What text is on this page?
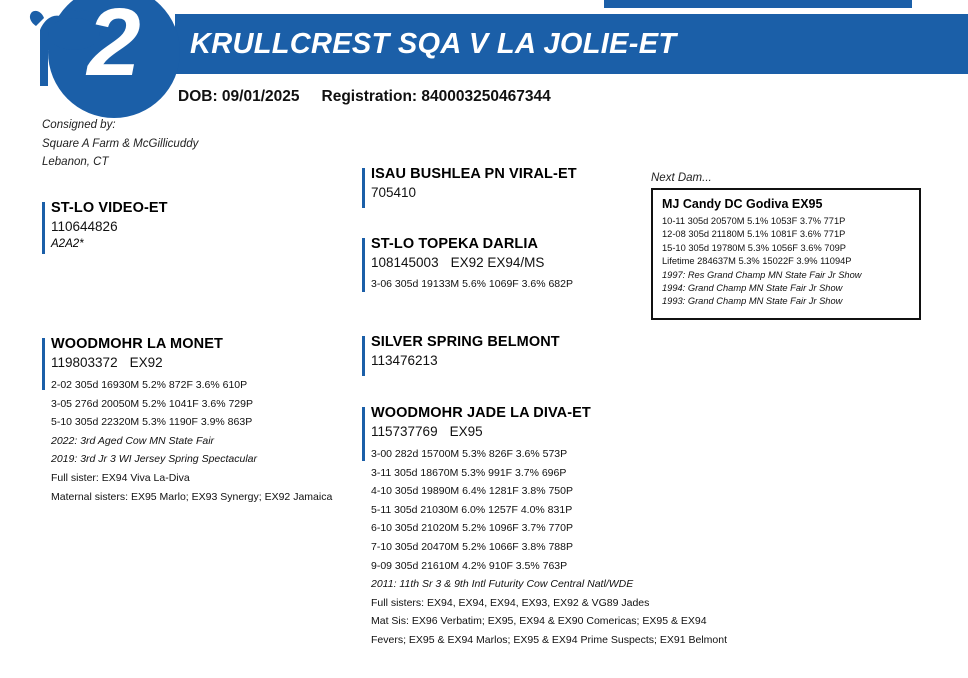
2	KRULLCREST SQA V LA JOLIE-ET
DOB: 09/01/2025 Registration: 840003250467344
Consigned by:
Square A Farm & McGillicuddy
Lebanon, CT
ST-LO VIDEO-ET
110644826
A2A2*
WOODMOHR LA MONET
119803372 EX92
2-02 305d 16930M 5.2% 872F 3.6% 610P
3-05 276d 20050M 5.2% 1041F 3.6% 729P
5-10 305d 22320M 5.3% 1190F 3.9% 863P
2022: 3rd Aged Cow MN State Fair
2019: 3rd Jr 3 WI Jersey Spring Spectacular
Full sister: EX94 Viva La-Diva
Maternal sisters: EX95 Marlo; EX93 Synergy; EX92 Jamaica
ISAU BUSHLEA PN VIRAL-ET
705410
ST-LO TOPEKA DARLIA
108145003 EX92 EX94/MS
3-06 305d 19133M 5.6% 1069F 3.6% 682P
SILVER SPRING BELMONT
113476213
WOODMOHR JADE LA DIVA-ET
115737769 EX95
3-00 282d 15700M 5.3% 826F 3.6% 573P
3-11 305d 18670M 5.3% 991F 3.7% 696P
4-10 305d 19890M 6.4% 1281F 3.8% 750P
5-11 305d 21030M 6.0% 1257F 4.0% 831P
6-10 305d 21020M 5.2% 1096F 3.7% 770P
7-10 305d 20470M 5.2% 1066F 3.8% 788P
9-09 305d 21610M 4.2% 910F 3.5% 763P
2011: 11th Sr 3 & 9th Intl Futurity Cow Central Natl/WDE
Full sisters: EX94, EX94, EX94, EX93, EX92 & VG89 Jades
Mat Sis: EX96 Verbatim; EX95, EX94 & EX90 Comericas; EX95 & EX94
Fevers; EX95 & EX94 Marlos; EX95 & EX94 Prime Suspects; EX91 Belmont
Next Dam...
MJ Candy DC Godiva EX95
10-11 305d 20570M 5.1% 1053F 3.7% 771P
12-08 305d 21180M 5.1% 1081F 3.6% 771P
15-10 305d 19780M 5.3% 1056F 3.6% 709P
Lifetime 284637M 5.3% 15022F 3.9% 11094P
1997: Res Grand Champ MN State Fair Jr Show
1994: Grand Champ MN State Fair Jr Show
1993: Grand Champ MN State Fair Jr Show
